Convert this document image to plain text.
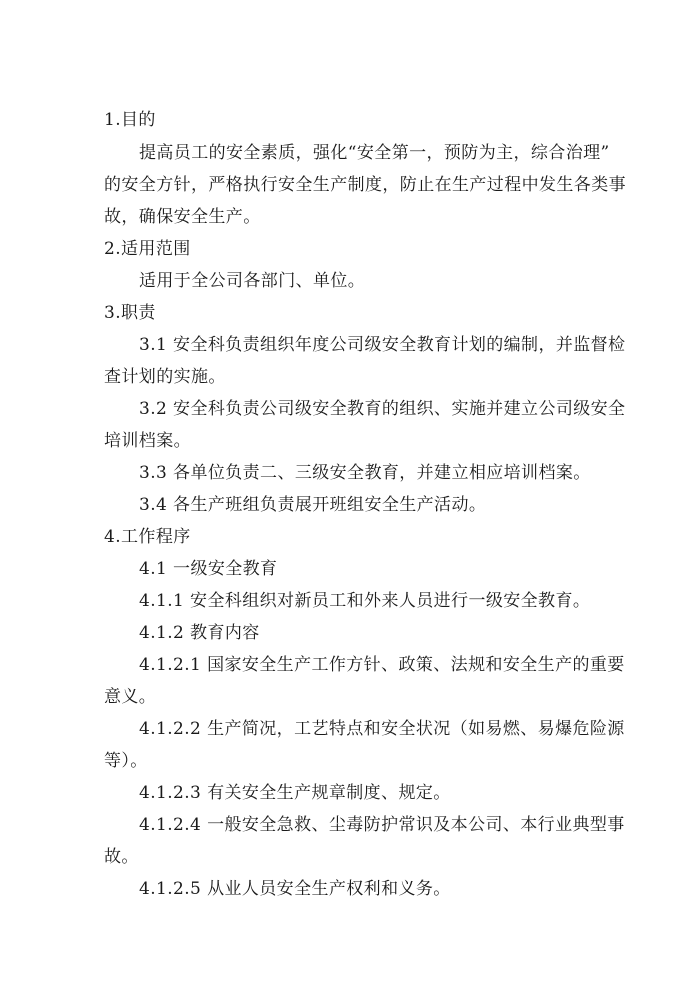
1.目的
提高员工的安全素质，强化“安全第一，预防为主，综合治理”
的安全方针，严格执行安全生产制度，防止在生产过程中发生各类事
故，确保安全生产。
2.适用范围
适用于全公司各部门、单位。
3.职责
3.1 安全科负责组织年度公司级安全教育计划的编制，并监督检
查计划的实施。
3.2 安全科负责公司级安全教育的组织、实施并建立公司级安全
培训档案。
3.3 各单位负责二、三级安全教育，并建立相应培训档案。
3.4 各生产班组负责展开班组安全生产活动。
4.工作程序
4.1 一级安全教育
4.1.1 安全科组织对新员工和外来人员进行一级安全教育。
4.1.2 教育内容
4.1.2.1 国家安全生产工作方针、政策、法规和安全生产的重要
意义。
4.1.2.2 生产简况，工艺特点和安全状况（如易燃、易爆危险源
等）。
4.1.2.3 有关安全生产规章制度、规定。
4.1.2.4 一般安全急救、尘毒防护常识及本公司、本行业典型事
故。
4.1.2.5 从业人员安全生产权利和义务。
